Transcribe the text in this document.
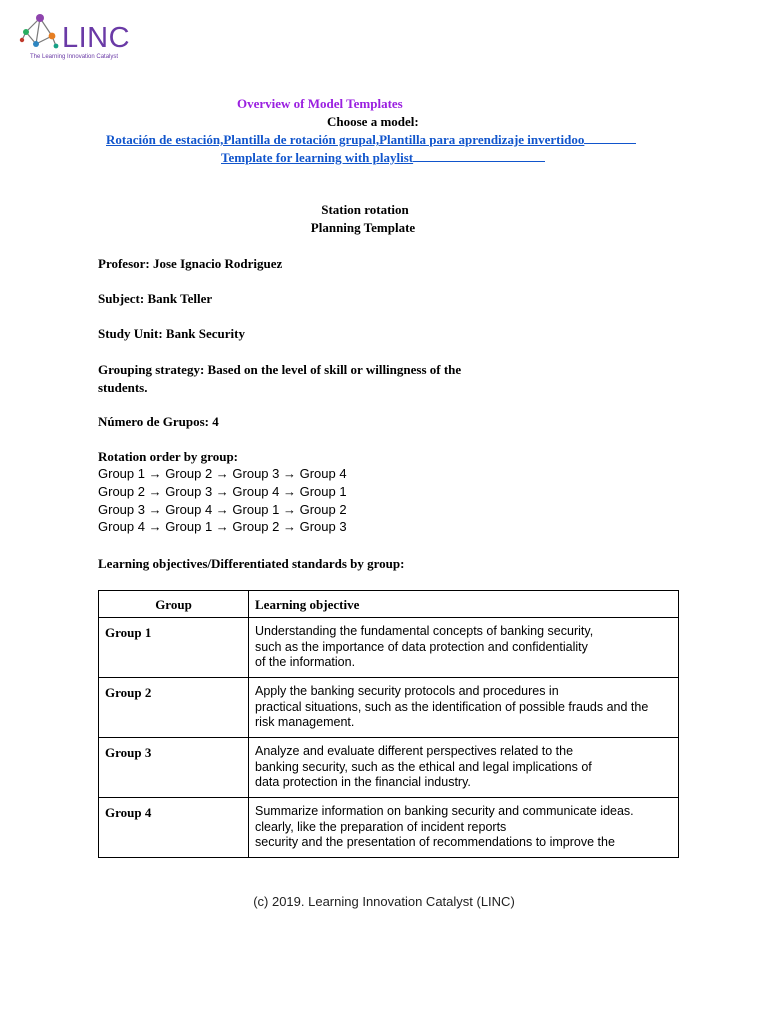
LINC
The Learning Innovation Catalyst
Overview of Model Templates
Choose a model:
Rotación de estación,Plantilla de rotación grupal,Plantilla para aprendizaje invertidoo
Template for learning with playlist
Station rotation
Planning Template
Profesor: Jose Ignacio Rodriguez
Subject: Bank Teller
Study Unit: Bank Security
Grouping strategy: Based on the level of skill or willingness of the
students.
Número de Grupos: 4
Rotation order by group:
Group 1 → Group 2 → Group 3 → Group 4
Group 2 → Group 3 → Group 4 → Group 1
Group 3 → Group 4 → Group 1 → Group 2
Group 4 → Group 1 → Group 2 → Group 3
Learning objectives/Differentiated standards by group:
Group	Learning objective
Group 1	Understanding the fundamental concepts of banking security,
such as the importance of data protection and confidentiality
of the information.
Group 2	Apply the banking security protocols and procedures in
practical situations, such as the identification of possible frauds and the
risk management.
Group 3	Analyze and evaluate different perspectives related to the
banking security, such as the ethical and legal implications of
data protection in the financial industry.
Group 4	Summarize information on banking security and communicate ideas.
clearly, like the preparation of incident reports
security and the presentation of recommendations to improve the
(c) 2019. Learning Innovation Catalyst (LINC)
